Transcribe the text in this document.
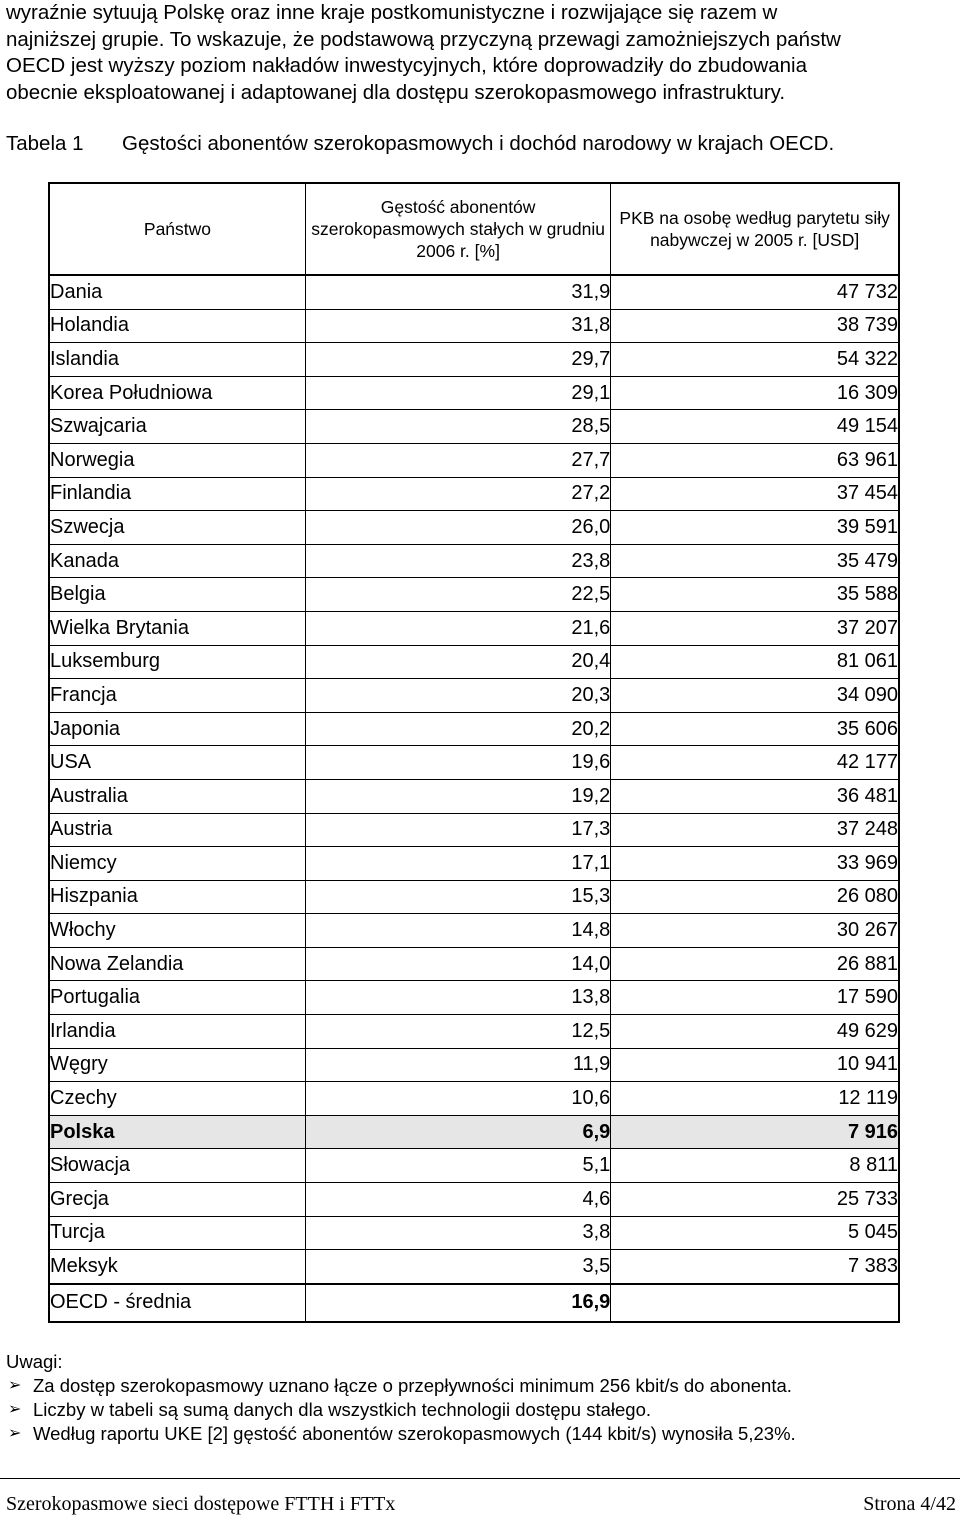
wyraźnie sytuują Polskę oraz inne kraje postkomunistyczne i rozwijające się razem w

najniższej grupie. To wskazuje, że podstawową przyczyną przewagi zamożniejszych państw

OECD jest wyższy poziom nakładów inwestycyjnych, które doprowadziły do zbudowania

obecnie eksploatowanej i adaptowanej dla dostępu szerokopasmowego infrastruktury.

Tabela 1 Gęstości abonentów szerokopasmowych i dochód narodowy w krajach OECD.
Państwo	Gęstość abonentów szerokopasmowych stałych w grudniu 2006 r. [%]	PKB na osobę według parytetu siły nabywczej w 2005 r. [USD]
Dania	31,9	47 732
Holandia	31,8	38 739
Islandia	29,7	54 322
Korea Południowa	29,1	16 309
Szwajcaria	28,5	49 154
Norwegia	27,7	63 961
Finlandia	27,2	37 454
Szwecja	26,0	39 591
Kanada	23,8	35 479
Belgia	22,5	35 588
Wielka Brytania	21,6	37 207
Luksemburg	20,4	81 061
Francja	20,3	34 090
Japonia	20,2	35 606
USA	19,6	42 177
Australia	19,2	36 481
Austria	17,3	37 248
Niemcy	17,1	33 969
Hiszpania	15,3	26 080
Włochy	14,8	30 267
Nowa Zelandia	14,0	26 881
Portugalia	13,8	17 590
Irlandia	12,5	49 629
Węgry	11,9	10 941
Czechy	10,6	12 119
Polska	6,9	7 916
Słowacja	5,1	8 811
Grecja	4,6	25 733
Turcja	3,8	5 045
Meksyk	3,5	7 383
OECD - średnia	16,9	
Uwagi:
➢ Za dostęp szerokopasmowy uznano łącze o przepływności minimum 256 kbit/s do abonenta.
➢ Liczby w tabeli są sumą danych dla wszystkich technologii dostępu stałego.
➢ Według raportu UKE [2] gęstość abonentów szerokopasmowych (144 kbit/s) wynosiła 5,23%.
Szerokopasmowe sieci dostępowe FTTH i FTTx	Strona 4/42
